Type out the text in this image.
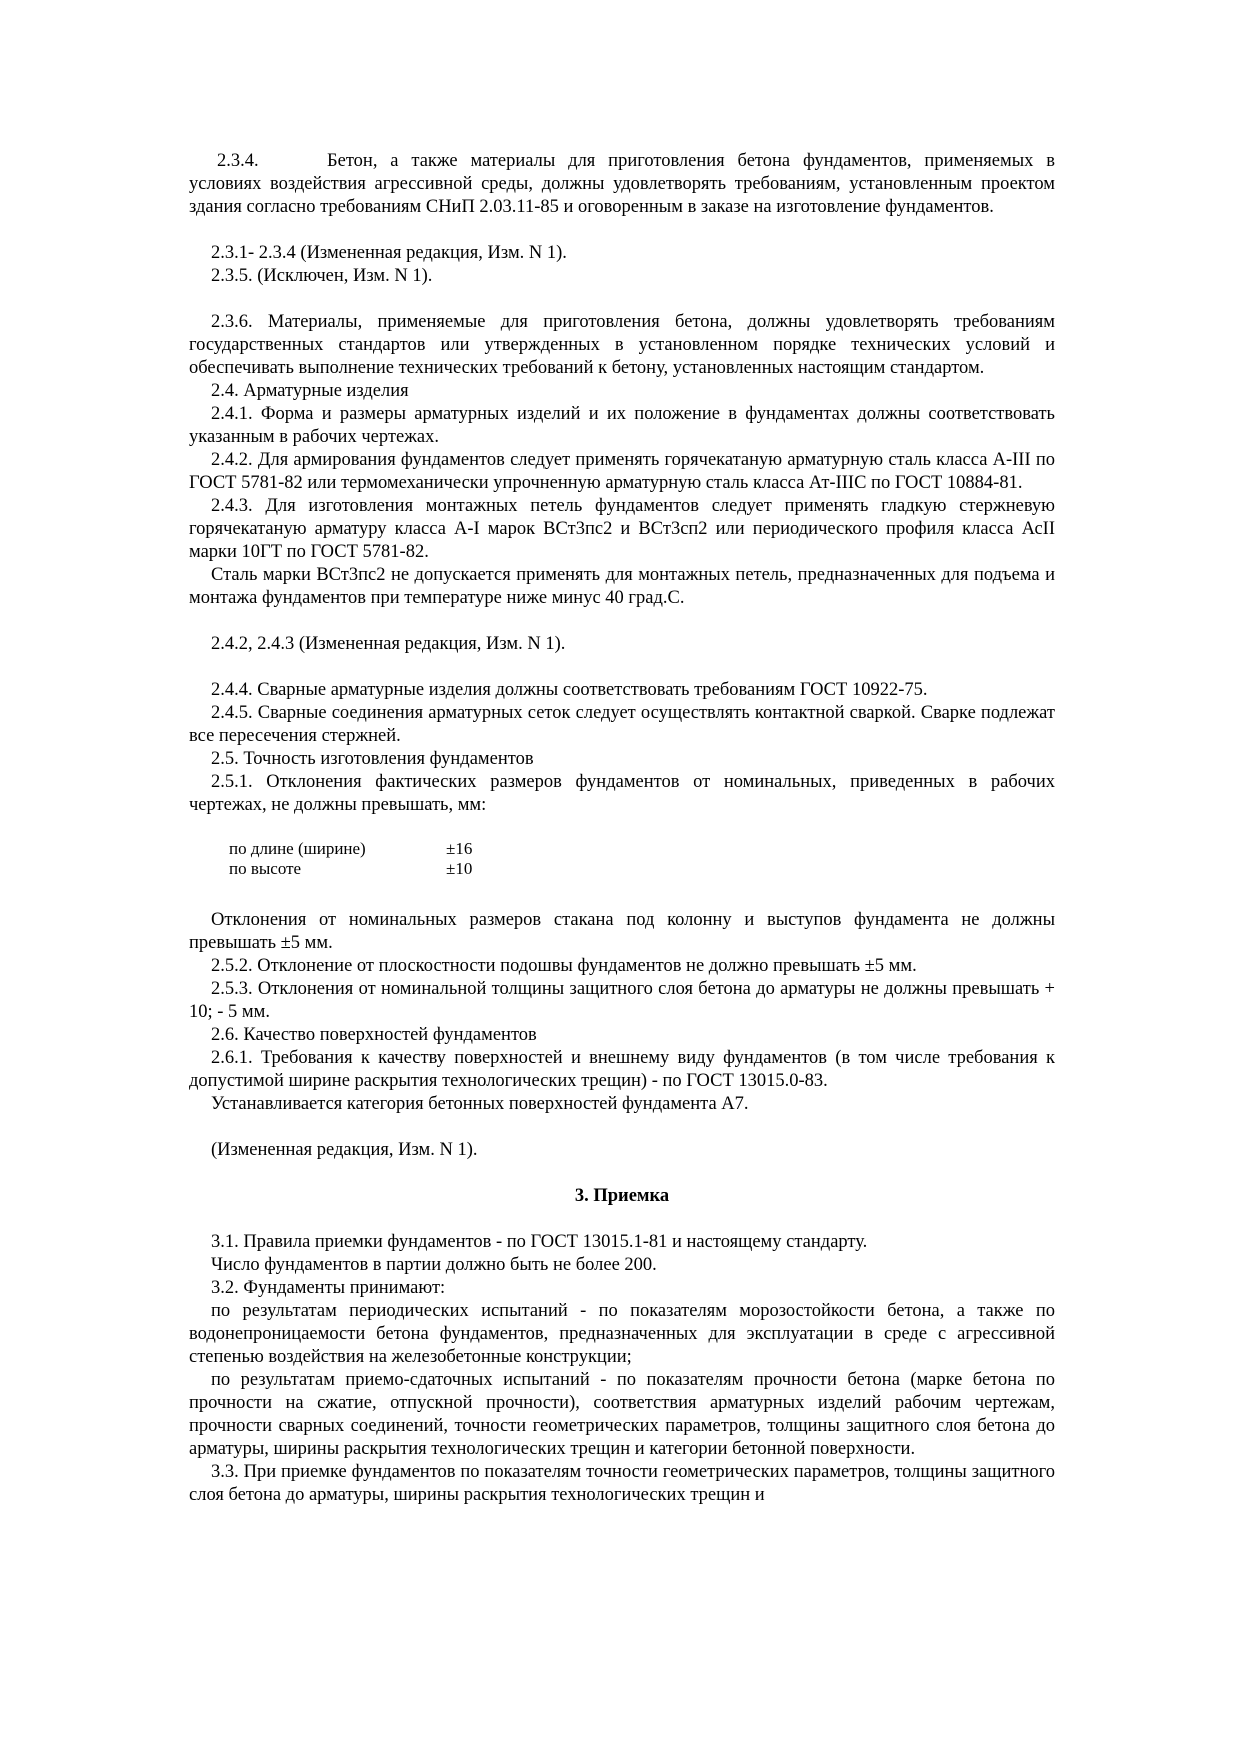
2.3.4.	Бетон, а также материалы для приготовления бетона фундаментов, применяемых в условиях воздействия агрессивной среды, должны удовлетворять требованиям, установленным проектом здания согласно требованиям СНиП 2.03.11-85 и оговоренным в заказе на изготовление фундаментов.

2.3.1- 2.3.4 (Измененная редакция, Изм. N 1).

2.3.5. (Исключен, Изм. N 1).

2.3.6. Материалы, применяемые для приготовления бетона, должны удовлетворять требованиям государственных стандартов или утвержденных в установленном порядке технических условий и обеспечивать выполнение технических требований к бетону, установленных настоящим стандартом.

2.4. Арматурные изделия

2.4.1. Форма и размеры арматурных изделий и их положение в фундаментах должны соответствовать указанным в рабочих чертежах.

2.4.2. Для армирования фундаментов следует применять горячекатаную арматурную сталь класса А-III по ГОСТ 5781-82 или термомеханически упрочненную арматурную сталь класса Ат-IIIС по ГОСТ 10884-81.

2.4.3. Для изготовления монтажных петель фундаментов следует применять гладкую стержневую горячекатаную арматуру класса А-I марок ВСт3пс2 и ВСт3сп2 или периодического профиля класса АсII марки 10ГТ по ГОСТ 5781-82.

Сталь марки ВСт3пс2 не допускается применять для монтажных петель, предназначенных для подъема и монтажа фундаментов при температуре ниже минус 40 град.С.

2.4.2, 2.4.3 (Измененная редакция, Изм. N 1).

2.4.4. Сварные арматурные изделия должны соответствовать требованиям ГОСТ 10922-75.

2.4.5. Сварные соединения арматурных сеток следует осуществлять контактной сваркой. Сварке подлежат все пересечения стержней.

2.5. Точность изготовления фундаментов

2.5.1. Отклонения фактических размеров фундаментов от номинальных, приведенных в рабочих чертежах, не должны превышать, мм:

по длине (ширине)	±16
по высоте	±10

Отклонения от номинальных размеров стакана под колонну и выступов фундамента не должны превышать ±5 мм.

2.5.2. Отклонение от плоскостности подошвы фундаментов не должно превышать ±5 мм.

2.5.3. Отклонения от номинальной толщины защитного слоя бетона до арматуры не должны превышать + 10; - 5 мм.

2.6. Качество поверхностей фундаментов

2.6.1. Требования к качеству поверхностей и внешнему виду фундаментов (в том числе требования к допустимой ширине раскрытия технологических трещин) - по ГОСТ 13015.0-83.

Устанавливается категория бетонных поверхностей фундамента А7.

(Измененная редакция, Изм. N 1).

3. Приемка

3.1. Правила приемки фундаментов - по ГОСТ 13015.1-81 и настоящему стандарту.

Число фундаментов в партии должно быть не более 200.

3.2. Фундаменты принимают:

по результатам периодических испытаний - по показателям морозостойкости бетона, а также по водонепроницаемости бетона фундаментов, предназначенных для эксплуатации в среде с агрессивной степенью воздействия на железобетонные конструкции;

по результатам приемо-сдаточных испытаний - по показателям прочности бетона (марке бетона по прочности на сжатие, отпускной прочности), соответствия арматурных изделий рабочим чертежам, прочности сварных соединений, точности геометрических параметров, толщины защитного слоя бетона до арматуры, ширины раскрытия технологических трещин и категории бетонной поверхности.

3.3. При приемке фундаментов по показателям точности геометрических параметров, толщины защитного слоя бетона до арматуры, ширины раскрытия технологических трещин и
